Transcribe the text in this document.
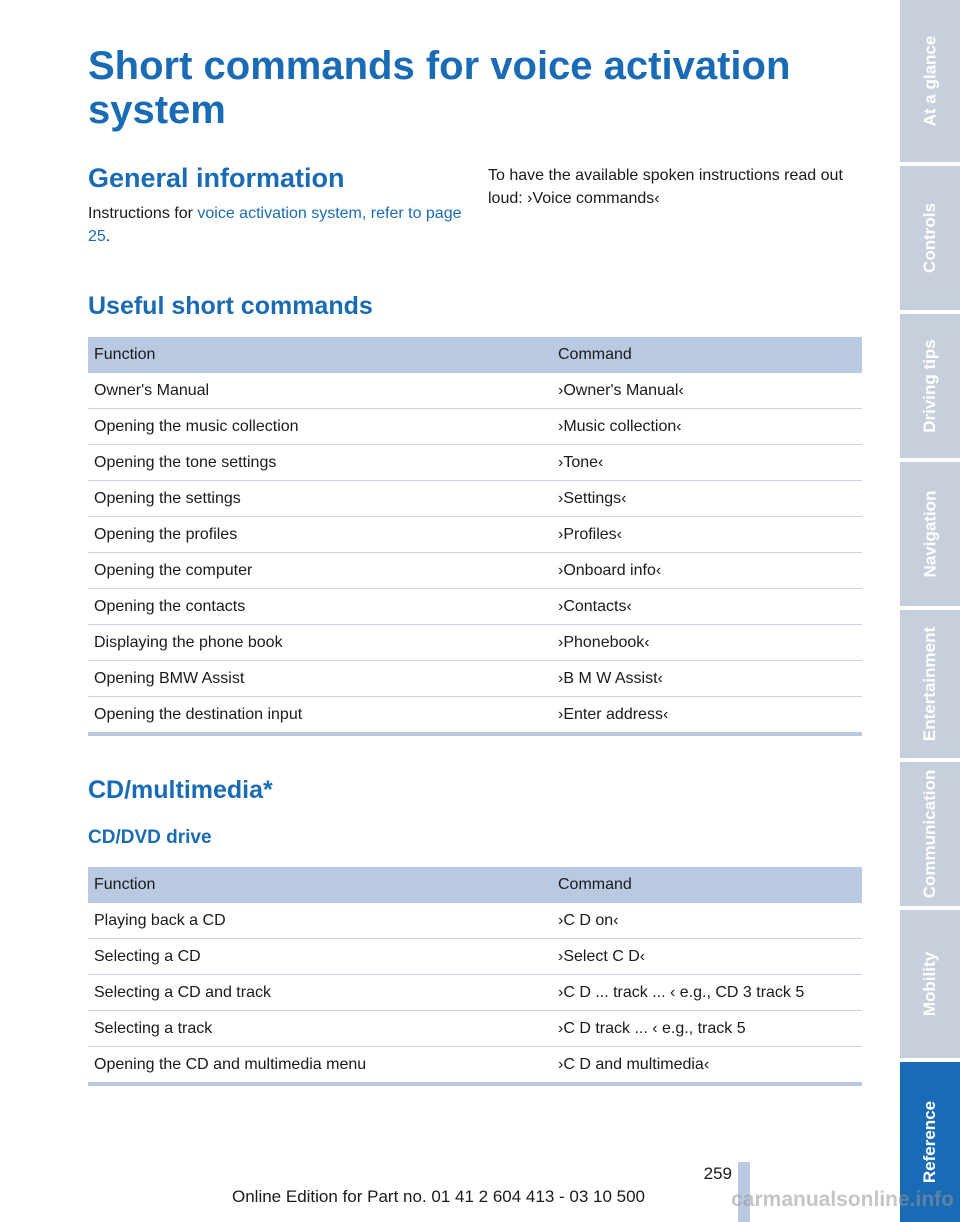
Short commands for voice activation system
General information

Instructions for voice activation system, refer to page 25.

To have the available spoken instructions read out loud: ›Voice commands‹

Useful short commands
Function	Command
Owner's Manual	›Owner's Manual‹
Opening the music collection	›Music collection‹
Opening the tone settings	›Tone‹
Opening the settings	›Settings‹
Opening the profiles	›Profiles‹
Opening the computer	›Onboard info‹
Opening the contacts	›Contacts‹
Displaying the phone book	›Phonebook‹
Opening BMW Assist	›B M W Assist‹
Opening the destination input	›Enter address‹
CD/multimedia*
CD/DVD drive
Function	Command
Playing back a CD	›C D on‹
Selecting a CD	›Select C D‹
Selecting a CD and track	›C D ... track ... ‹ e.g., CD 3 track 5
Selecting a track	›C D track ... ‹ e.g., track 5
Opening the CD and multimedia menu	›C D and multimedia‹
At a glance
Controls
Driving tips
Navigation
Entertainment
Communication
Mobility
Reference
259
Online Edition for Part no. 01 41 2 604 413 - 03 10 500	carmanualsonline.info
